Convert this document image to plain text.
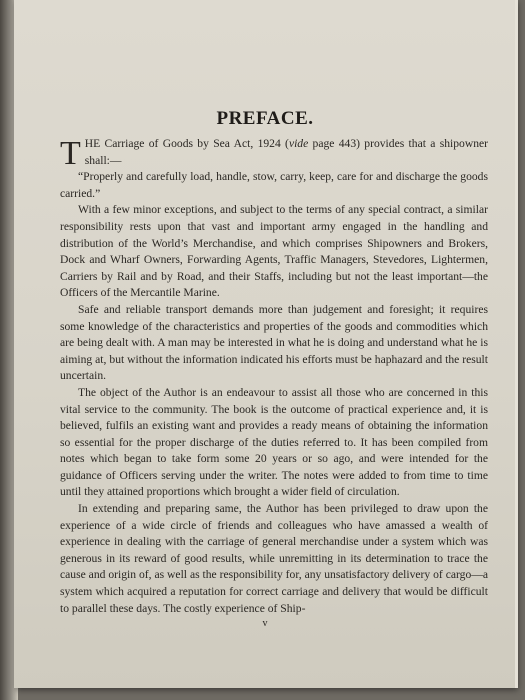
PREFACE.

THE Carriage of Goods by Sea Act, 1924 (vide page 443) provides that a shipowner shall:—

“Properly and carefully load, handle, stow, carry, keep, care for and discharge the goods carried.”

With a few minor exceptions, and subject to the terms of any special contract, a similar responsibility rests upon that vast and important army engaged in the handling and distribution of the World’s Merchandise, and which comprises Shipowners and Brokers, Dock and Wharf Owners, Forwarding Agents, Traffic Managers, Stevedores, Lightermen, Carriers by Rail and by Road, and their Staffs, including but not the least important—the Officers of the Mercantile Marine.

Safe and reliable transport demands more than judgement and foresight; it requires some knowledge of the characteristics and properties of the goods and commodities which are being dealt with. A man may be interested in what he is doing and understand what he is aiming at, but without the information indicated his efforts must be haphazard and the result uncertain.

The object of the Author is an endeavour to assist all those who are concerned in this vital service to the community. The book is the outcome of practical experience and, it is believed, fulfils an existing want and provides a ready means of obtaining the information so essential for the proper discharge of the duties referred to. It has been compiled from notes which began to take form some 20 years or so ago, and were intended for the guidance of Officers serving under the writer. The notes were added to from time to time until they attained proportions which brought a wider field of circulation.

In extending and preparing same, the Author has been privileged to draw upon the experience of a wide circle of friends and colleagues who have amassed a wealth of experience in dealing with the carriage of general merchandise under a system which was generous in its reward of good results, while unremitting in its determination to trace the cause and origin of, as well as the responsibility for, any unsatisfactory delivery of cargo—a system which acquired a reputation for correct carriage and delivery that would be difficult to parallel these days. The costly experience of Ship-

v
